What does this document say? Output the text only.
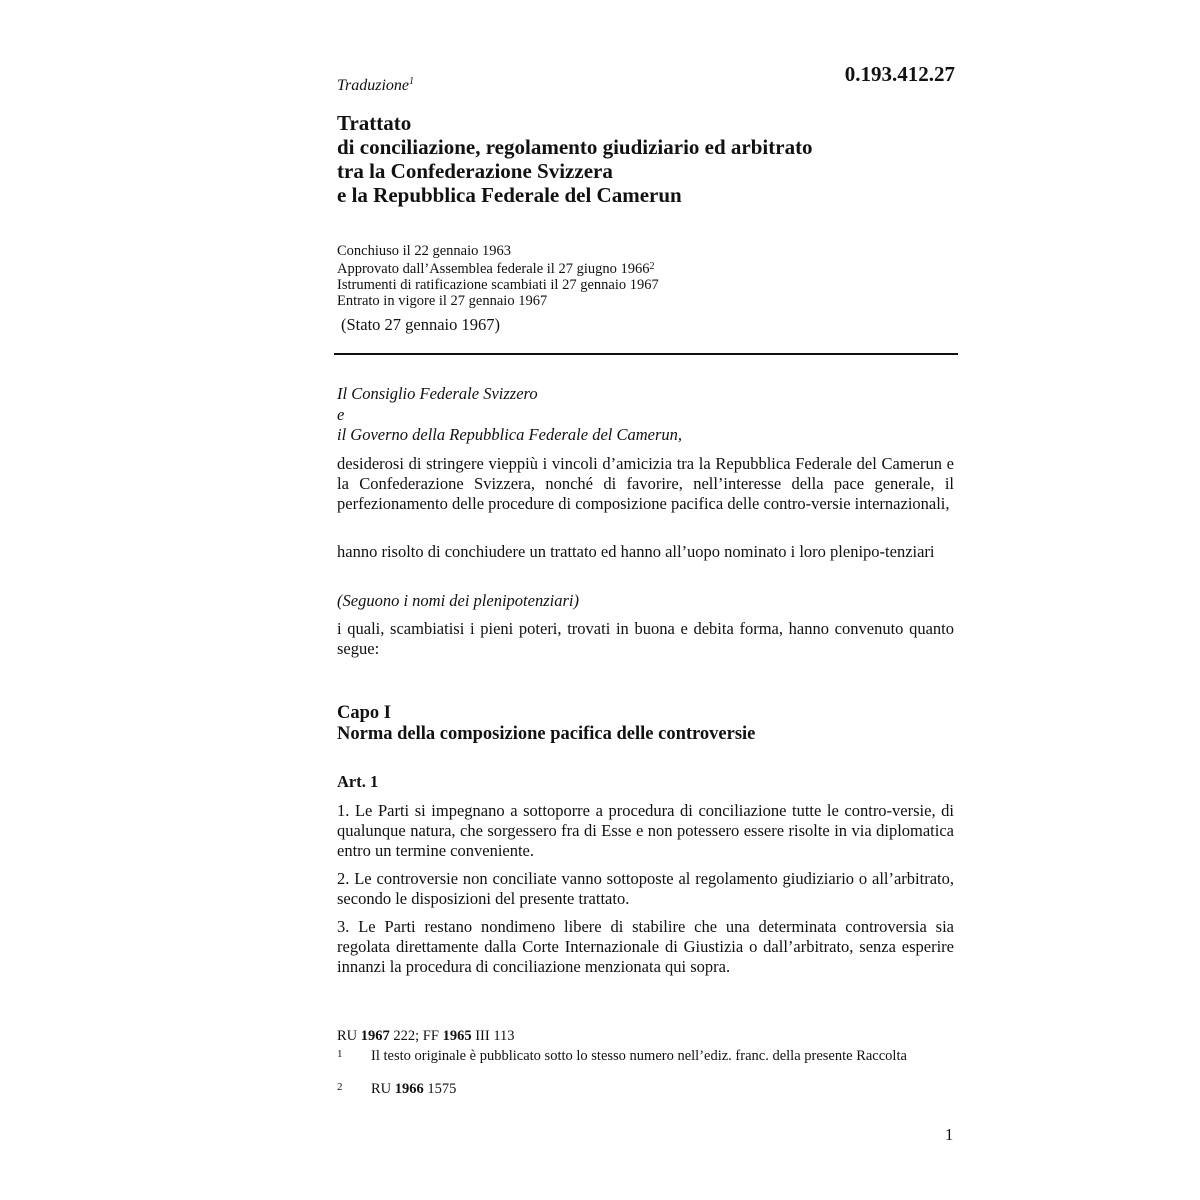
Traduzione$^1$	0.193.412.27
Trattato
di conciliazione, regolamento giudiziario ed arbitrato
tra la Confederazione Svizzera
e la Repubblica Federale del Camerun
Conchiuso il 22 gennaio 1963
Approvato dall’Assemblea federale il 27 giugno 1966$^2$
Istrumenti di ratificazione scambiati il 27 gennaio 1967
Entrato in vigore il 27 gennaio 1967
(Stato 27 gennaio 1967)
Il Consiglio Federale Svizzero
e
il Governo della Repubblica Federale del Camerun,
desiderosi di stringere vieppiù i vincoli d’amicizia tra la Repubblica Federale del Camerun e la Confederazione Svizzera, nonché di favorire, nell’interesse della pace generale, il perfezionamento delle procedure di composizione pacifica delle contro-versie internazionali,
hanno risolto di conchiudere un trattato ed hanno all’uopo nominato i loro plenipo-tenziari
(Seguono i nomi dei plenipotenziari)
i quali, scambiatisi i pieni poteri, trovati in buona e debita forma, hanno convenuto quanto segue:
Capo I
Norma della composizione pacifica delle controversie
Art. 1
1. Le Parti si impegnano a sottoporre a procedura di conciliazione tutte le contro-versie, di qualunque natura, che sorgessero fra di Esse e non potessero essere risolte in via diplomatica entro un termine conveniente.
2. Le controversie non conciliate vanno sottoposte al regolamento giudiziario o all’arbitrato, secondo le disposizioni del presente trattato.
3. Le Parti restano nondimeno libere di stabilire che una determinata controversia sia regolata direttamente dalla Corte Internazionale di Giustizia o dall’arbitrato, senza esperire innanzi la procedura di conciliazione menzionata qui sopra.
RU 1967 222; FF 1965 III 113
1 Il testo originale è pubblicato sotto lo stesso numero nell’ediz. franc. della presente Raccolta
2 RU 1966 1575
1
